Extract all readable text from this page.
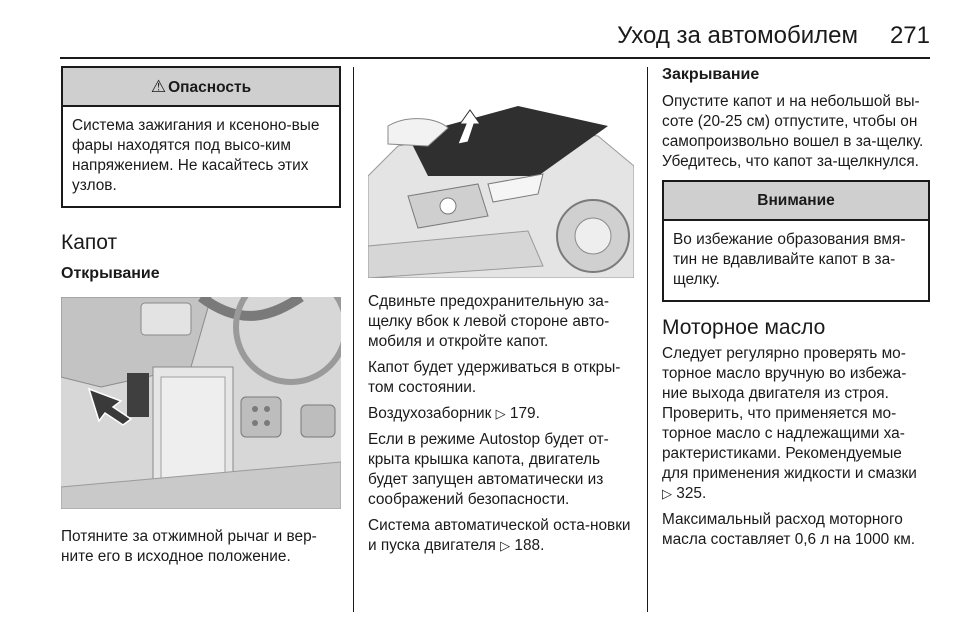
Уход за автомобилем	271
⚠ Опасность
Система зажигания и ксеноно-вые фары находятся под высо-ким напряжением. Не касайтесь этих узлов.
Капот
Открывание

Потяните за отжимной рычаг и вер-ните его в исходное положение.

Сдвиньте предохранительную за-щелку вбок к левой стороне авто-мобиля и откройте капот.

Капот будет удерживаться в откры-том состоянии.

Воздухозаборник ▷ 179.

Если в режиме Autostop будет от-крыта крышка капота, двигатель будет запущен автоматически из соображений безопасности.

Система автоматической оста-новки и пуска двигателя ▷ 188.

Закрывание

Опустите капот и на небольшой вы-соте (20-25 см) отпустите, чтобы он самопроизвольно вошел в за-щелку. Убедитесь, что капот за-щелкнулся.

Внимание
Во избежание образования вмя-тин не вдавливайте капот в за-щелку.
Моторное масло

Следует регулярно проверять мо-торное масло вручную во избежа-ние выхода двигателя из строя. Проверить, что применяется мо-торное масло с надлежащими ха-рактеристиками. Рекомендуемые для применения жидкости и смазки ▷ 325.

Максимальный расход моторного масла составляет 0,6 л на 1000 км.
